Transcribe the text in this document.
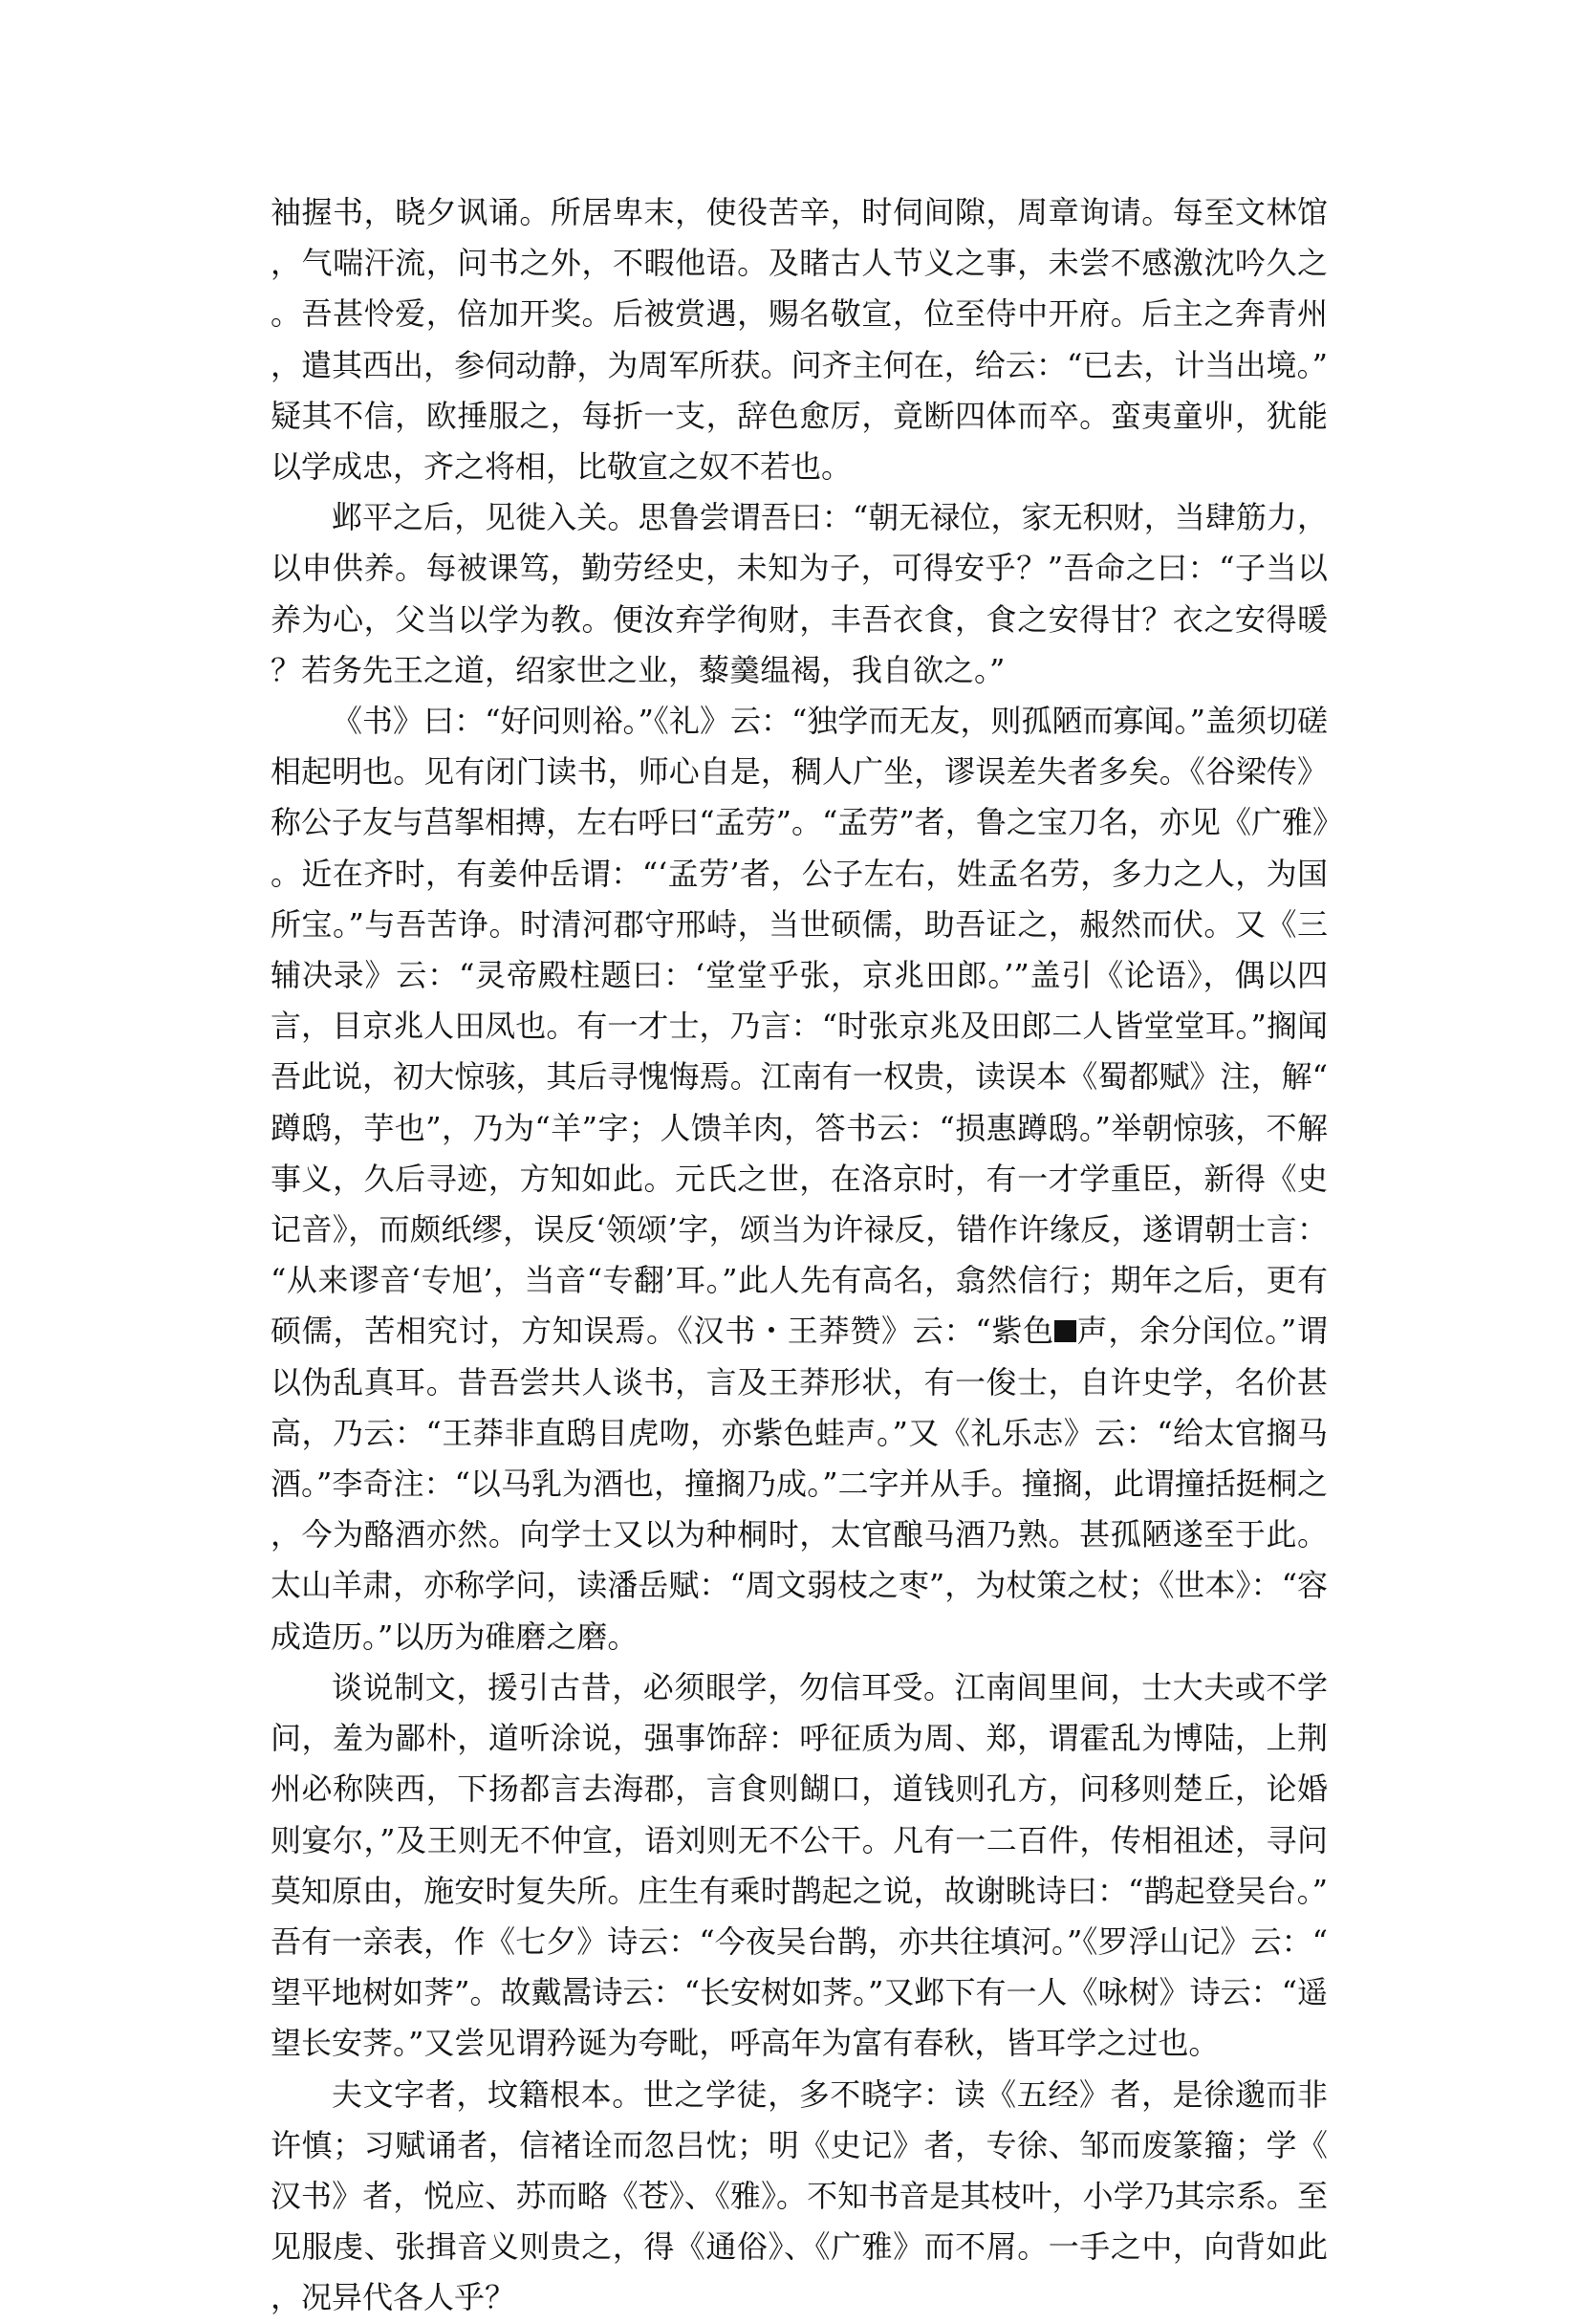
袖握书，晓夕讽诵。所居卑末，使役苦辛，时伺间隙，周章询请。每至文林馆，气喘汗流，问书之外，不暇他语。及睹古人节义之事，未尝不感激沈吟久之。吾甚怜爱，倍加开奖。后被赏遇，赐名敬宣，位至侍中开府。后主之奔青州，遣其西出，参伺动静，为周军所获。问齐主何在，给云：“已去，计当出境。”疑其不信，欧捶服之，每折一支，辞色愈厉，竟断四体而卒。蛮夷童丱，犹能以学成忠，齐之将相，比敬宣之奴不若也。

邺平之后，见徙入关。思鲁尝谓吾曰：“朝无禄位，家无积财，当肆筋力，以申供养。每被课笃，勤劳经史，未知为子，可得安乎？”吾命之曰：“子当以养为心，父当以学为教。便汝弃学徇财，丰吾衣食，食之安得甘？衣之安得暖？若务先王之道，绍家世之业，藜羹缊褐，我自欲之。”

《书》曰：“好问则裕。”《礼》云：“独学而无友，则孤陋而寡闻。”盖须切磋相起明也。见有闭门读书，师心自是，稠人广坐，谬误差失者多矣。《谷梁传》称公子友与莒挐相搏，左右呼曰“孟劳”。“孟劳”者，鲁之宝刀名，亦见《广雅》。近在齐时，有姜仲岳谓：“‘孟劳’者，公子左右，姓孟名劳，多力之人，为国所宝。”与吾苦诤。时清河郡守邢峙，当世硕儒，助吾证之，赧然而伏。又《三辅决录》云：“灵帝殿柱题曰：‘堂堂乎张，京兆田郎。’”盖引《论语》，偶以四言，目京兆人田凤也。有一才士，乃言：“时张京兆及田郎二人皆堂堂耳。”搁闻吾此说，初大惊骇，其后寻愧悔焉。江南有一权贵，读误本《蜀都赋》注，解“蹲鸱，芋也”，乃为“羊”字；人馈羊肉，答书云：“损惠蹲鸱。”举朝惊骇，不解事义，久后寻迹，方知如此。元氏之世，在洛京时，有一才学重臣，新得《史记音》，而颇纸缪，误反‘领颂’字，颂当为许禄反，错作许缘反，遂谓朝士言：“从来谬音‘专旭’，当音“专翻’耳。”此人先有高名，翕然信行；期年之后，更有硕儒，苦相究讨，方知误焉。《汉书・王莽赞》云：“紫色 声，余分闰位。”谓以伪乱真耳。昔吾尝共人谈书，言及王莽形状，有一俊士，自许史学，名价甚高，乃云：“王莽非直鸱目虎吻，亦紫色蛙声。”又《礼乐志》云：“给太官搁马酒。”李奇注：“以马乳为酒也，撞搁乃成。”二字并从手。撞搁，此谓撞括挺桐之，今为酪酒亦然。向学士又以为种桐时，太官酿马酒乃熟。甚孤陋遂至于此。太山羊肃，亦称学问，读潘岳赋：“周文弱枝之枣”，为杖策之杖；《世本》：“容成造历。”以历为碓磨之磨。

谈说制文，援引古昔，必须眼学，勿信耳受。江南闾里间，士大夫或不学问，羞为鄙朴，道听涂说，强事饰辞：呼征质为周、郑，谓霍乱为博陆，上荆州必称陕西，下扬都言去海郡，言食则餬口，道钱则孔方，问移则楚丘，论婚则宴尔，”及王则无不仲宣，语刘则无不公干。凡有一二百件，传相祖述，寻问莫知原由，施安时复失所。庄生有乘时鹊起之说，故谢眺诗曰：“鹊起登吴台。”吾有一亲表，作《七夕》诗云：“今夜吴台鹊，亦共往填河。”《罗浮山记》云：“望平地树如荠”。故戴暠诗云：“长安树如荠。”又邺下有一人《咏树》诗云：“遥望长安荠。”又尝见谓矜诞为夸毗，呼高年为富有春秋，皆耳学之过也。

夫文字者，坟籍根本。世之学徒，多不晓字：读《五经》者，是徐邈而非许慎；习赋诵者，信褚诠而忽吕忱；明《史记》者，专徐、邹而废篆籀；学《汉书》者，悦应、苏而略《苍》、《雅》。不知书音是其枝叶，小学乃其宗系。至见服虔、张揖音义则贵之，得《通俗》、《广雅》而不屑。一手之中，向背如此，况异代各人乎？
